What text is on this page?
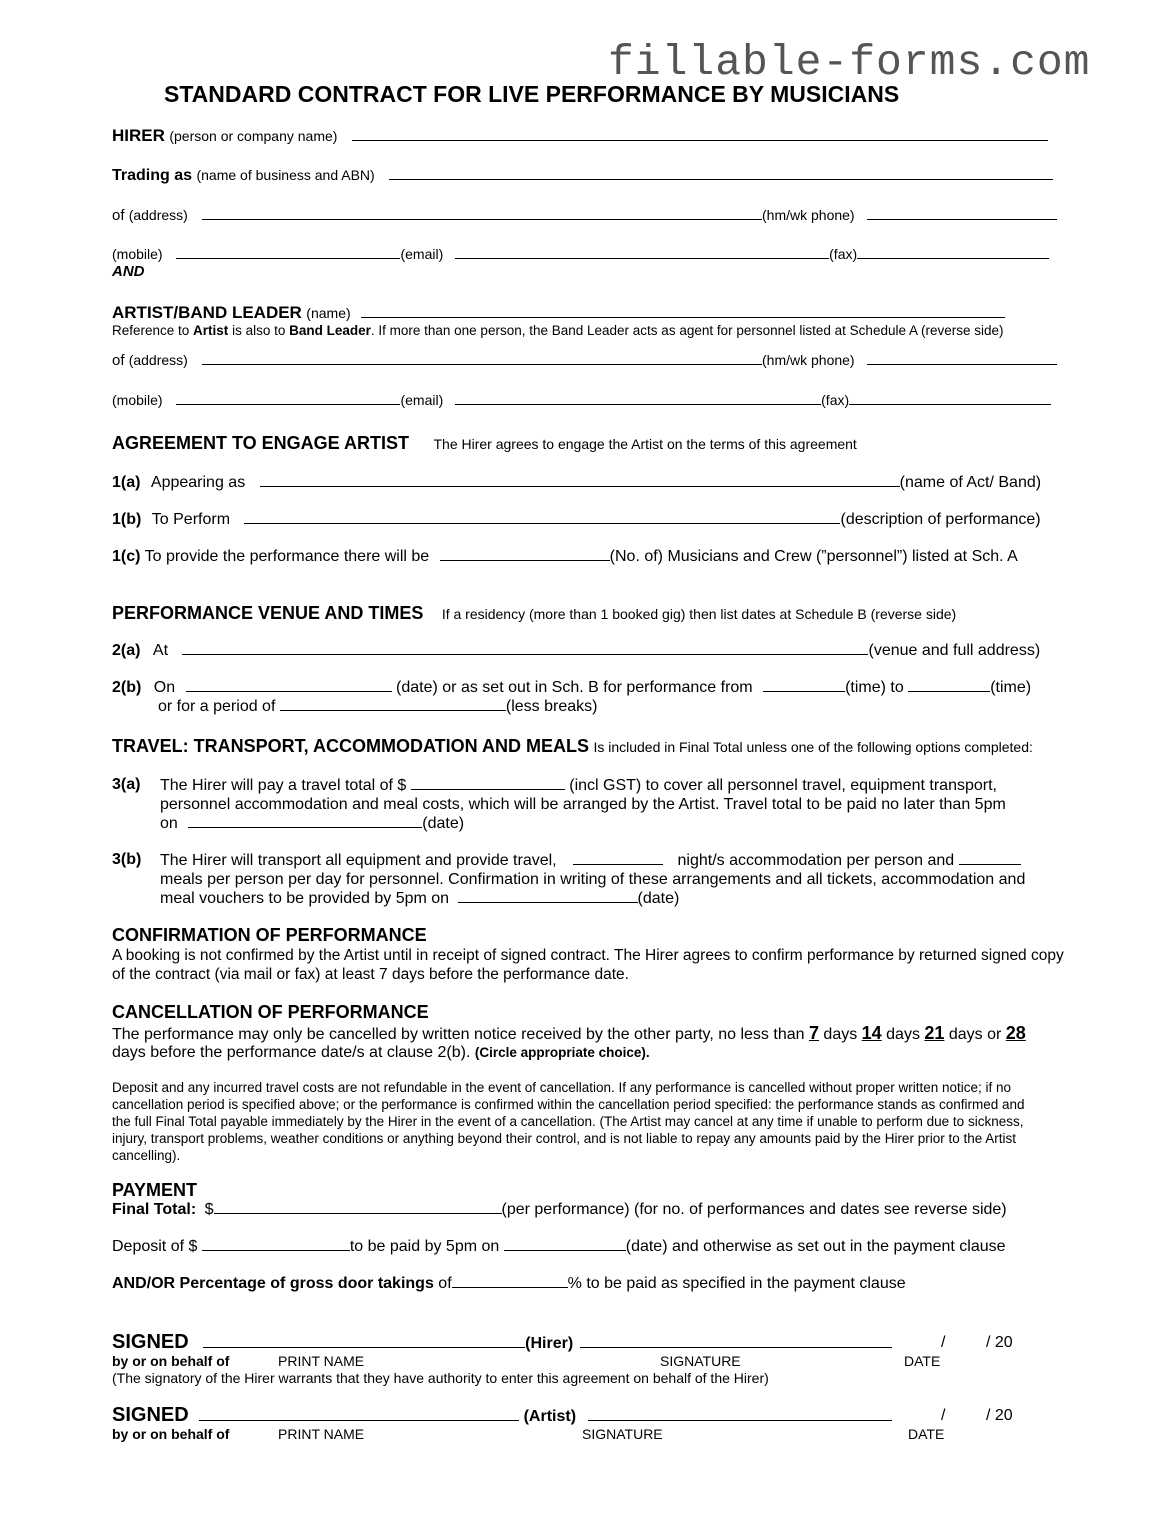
fillable-forms.com
STANDARD CONTRACT FOR LIVE PERFORMANCE BY MUSICIANS
HIRER (person or company name)
Trading as (name of business and ABN)
of (address)	(hm/wk phone)
(mobile)	(email)	(fax)
AND
ARTIST/BAND LEADER (name)
Reference to Artist is also to Band Leader. If more than one person, the Band Leader acts as agent for personnel listed at Schedule A (reverse side)
of (address)	(hm/wk phone)
(mobile)	(email)	(fax)
AGREEMENT TO ENGAGE ARTIST The Hirer agrees to engage the Artist on the terms of this agreement
1(a) Appearing as	(name of Act/ Band)
1(b) To Perform	(description of performance)
1(c) To provide the performance there will be	(No. of) Musicians and Crew (”personnel”) listed at Sch. A
PERFORMANCE VENUE AND TIMES If a residency (more than 1 booked gig) then list dates at Schedule B (reverse side)
2(a) At	(venue and full address)
2(b) On	(date) or as set out in Sch. B for performance from	(time) to	(time)
or for a period of	(less breaks)
TRAVEL: TRANSPORT, ACCOMMODATION AND MEALS Is included in Final Total unless one of the following options completed:
3(a) The Hirer will pay a travel total of $	(incl GST) to cover all personnel travel, equipment transport,
personnel accommodation and meal costs, which will be arranged by the Artist. Travel total to be paid no later than 5pm
on	(date)
3(b) The Hirer will transport all equipment and provide travel,	night/s accommodation per person and
meals per person per day for personnel. Confirmation in writing of these arrangements and all tickets, accommodation and
meal vouchers to be provided by 5pm on	(date)
CONFIRMATION OF PERFORMANCE
A booking is not confirmed by the Artist until in receipt of signed contract. The Hirer agrees to confirm performance by returned signed copy of the contract (via mail or fax) at least 7 days before the performance date.
CANCELLATION OF PERFORMANCE
The performance may only be cancelled by written notice received by the other party, no less than 7 days 14 days 21 days or 28
days before the performance date/s at clause 2(b). (Circle appropriate choice).
Deposit and any incurred travel costs are not refundable in the event of cancellation. If any performance is cancelled without proper written notice; if no cancellation period is specified above; or the performance is confirmed within the cancellation period specified: the performance stands as confirmed and the full Final Total payable immediately by the Hirer in the event of a cancellation. (The Artist may cancel at any time if unable to perform due to sickness, injury, transport problems, weather conditions or anything beyond their control, and is not liable to repay any amounts paid by the Hirer prior to the Artist cancelling).
PAYMENT
Final Total: $	(per performance) (for no. of performances and dates see reverse side)
Deposit of $	to be paid by 5pm on	(date) and otherwise as set out in the payment clause
AND/OR Percentage of gross door takings of	% to be paid as specified in the payment clause
SIGNED	(Hirer)	/	/ 20
by or on behalf of	PRINT NAME	SIGNATURE	DATE
(The signatory of the Hirer warrants that they have authority to enter this agreement on behalf of the Hirer)
SIGNED	(Artist)	/	/ 20
by or on behalf of	PRINT NAME	SIGNATURE	DATE
